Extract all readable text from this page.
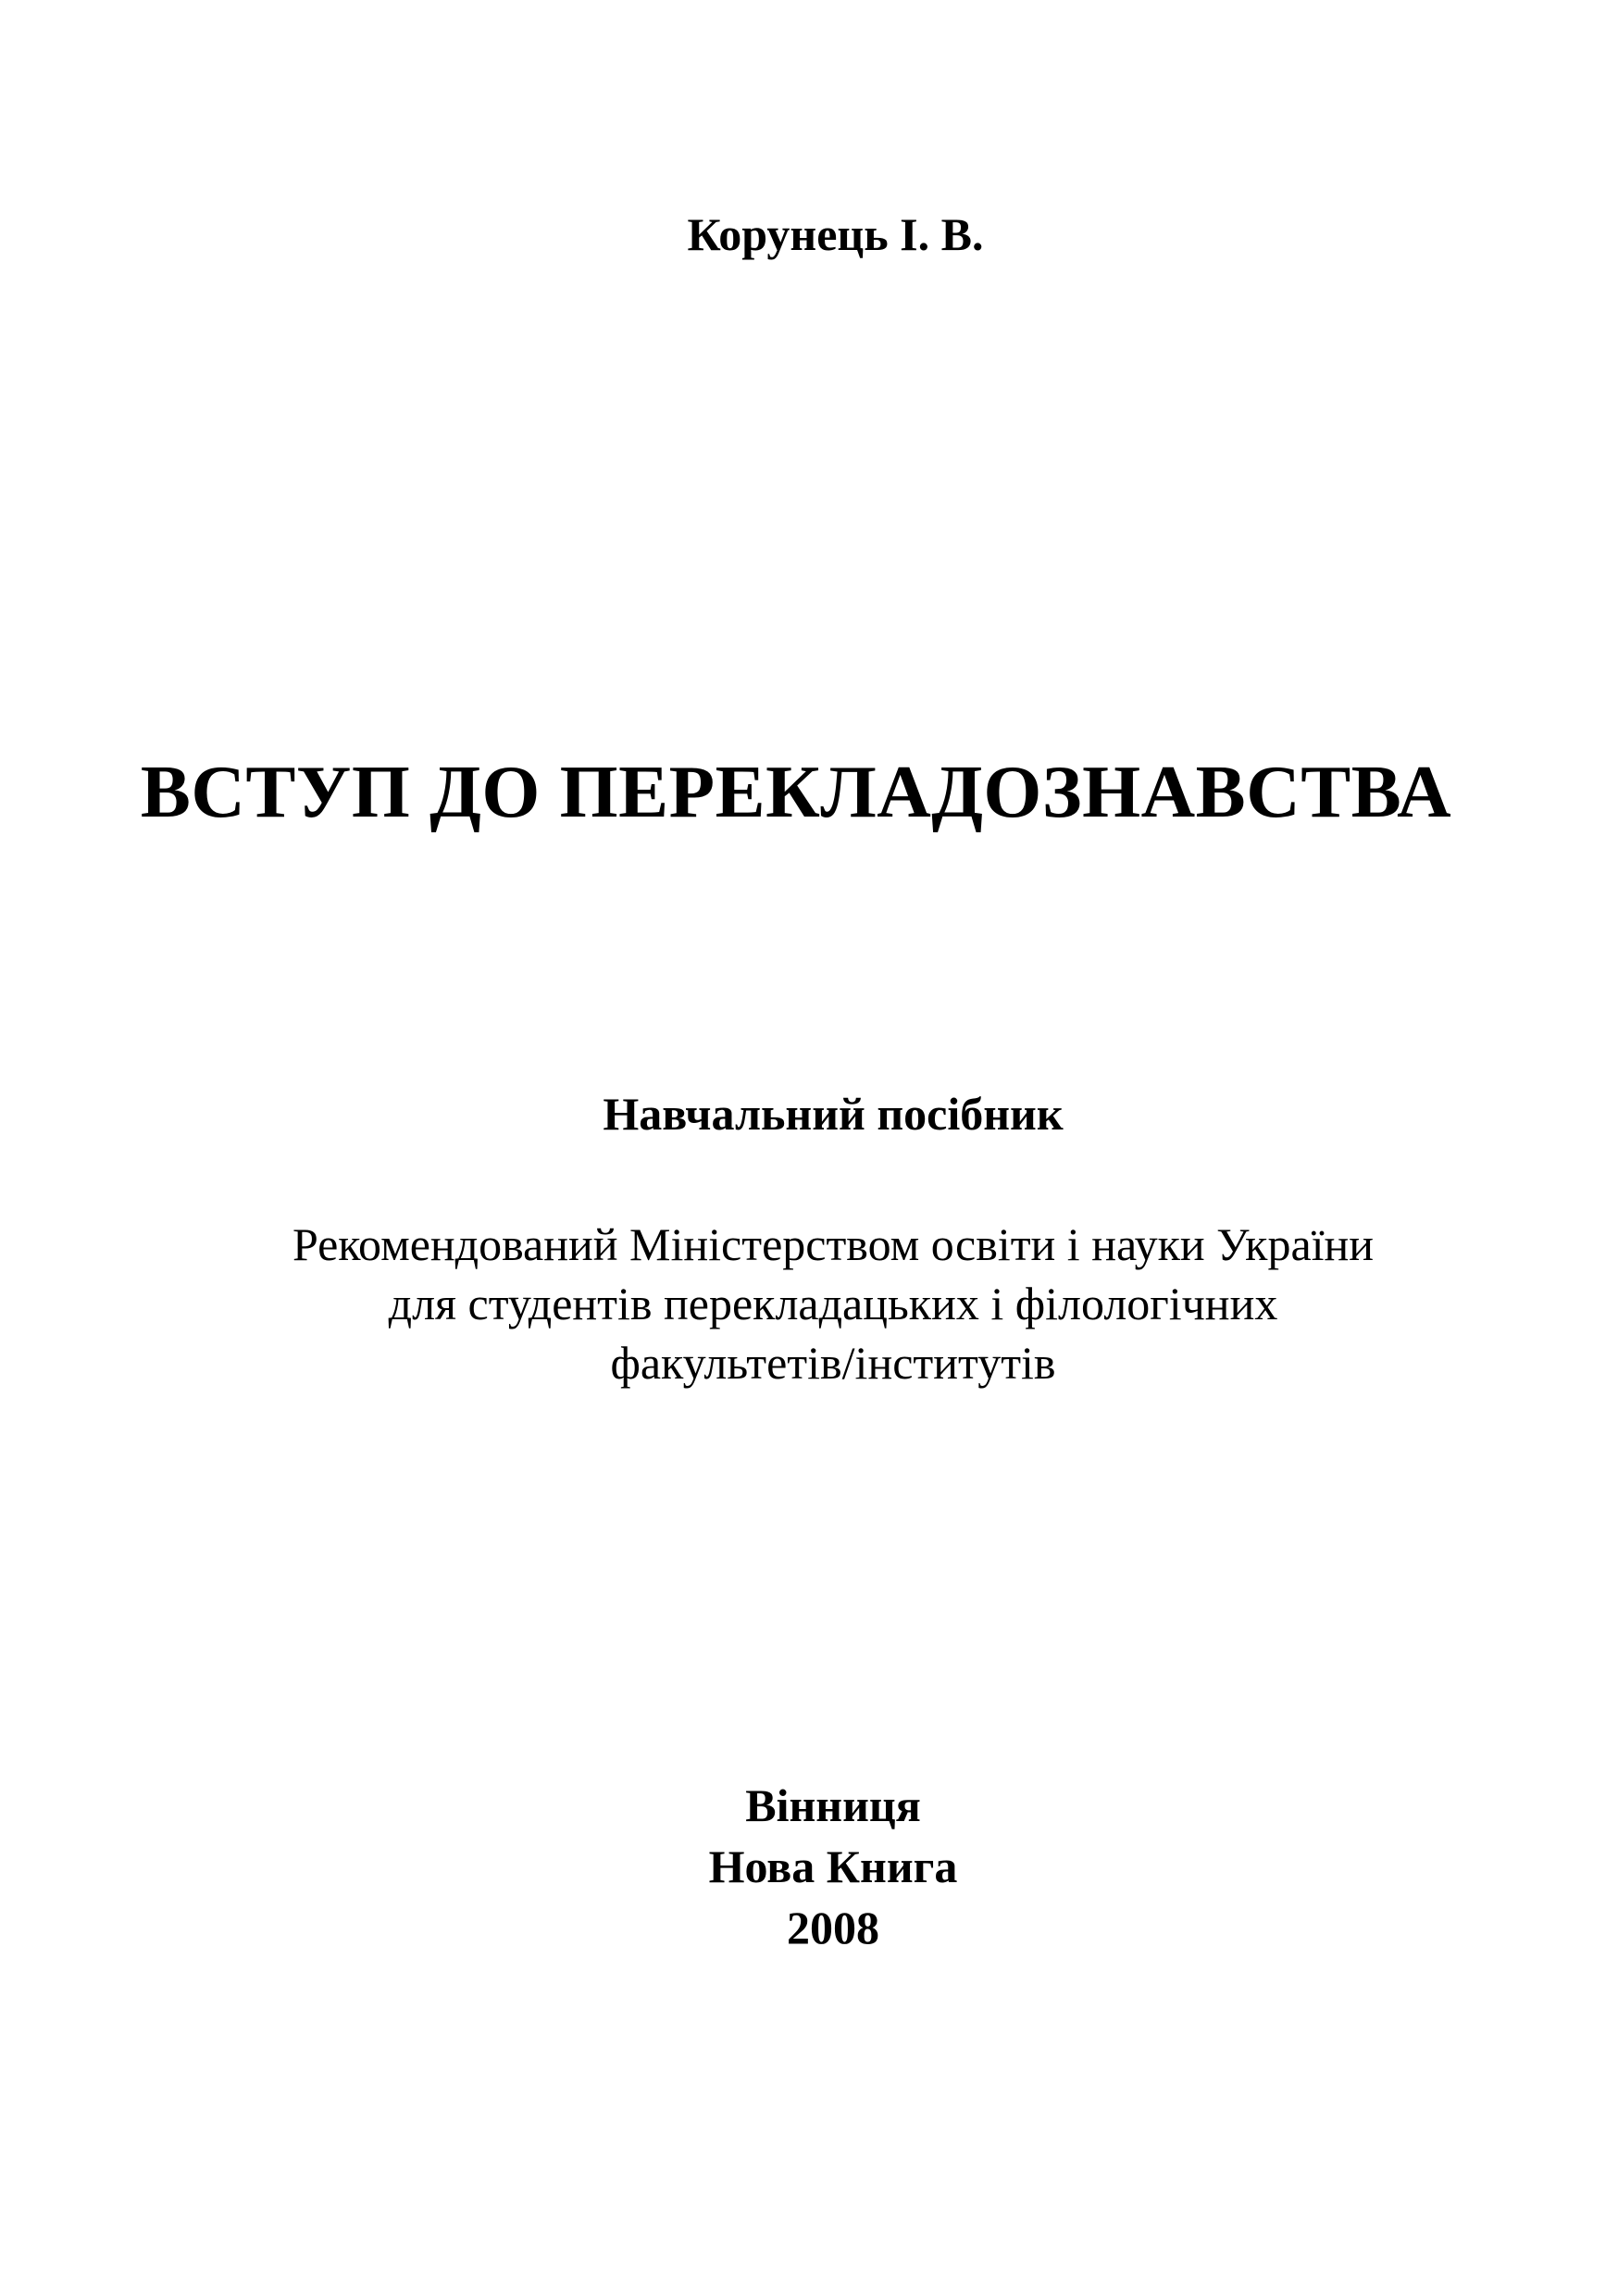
Корунець І. В.
ВСТУП ДО ПЕРЕКЛАДОЗНАВСТВА
Навчальний посібник
Рекомендований Міністерством освіти і науки України
для студентів перекладацьких і філологічних
факультетів/інститутів
Вінниця
Нова Книга
2008
